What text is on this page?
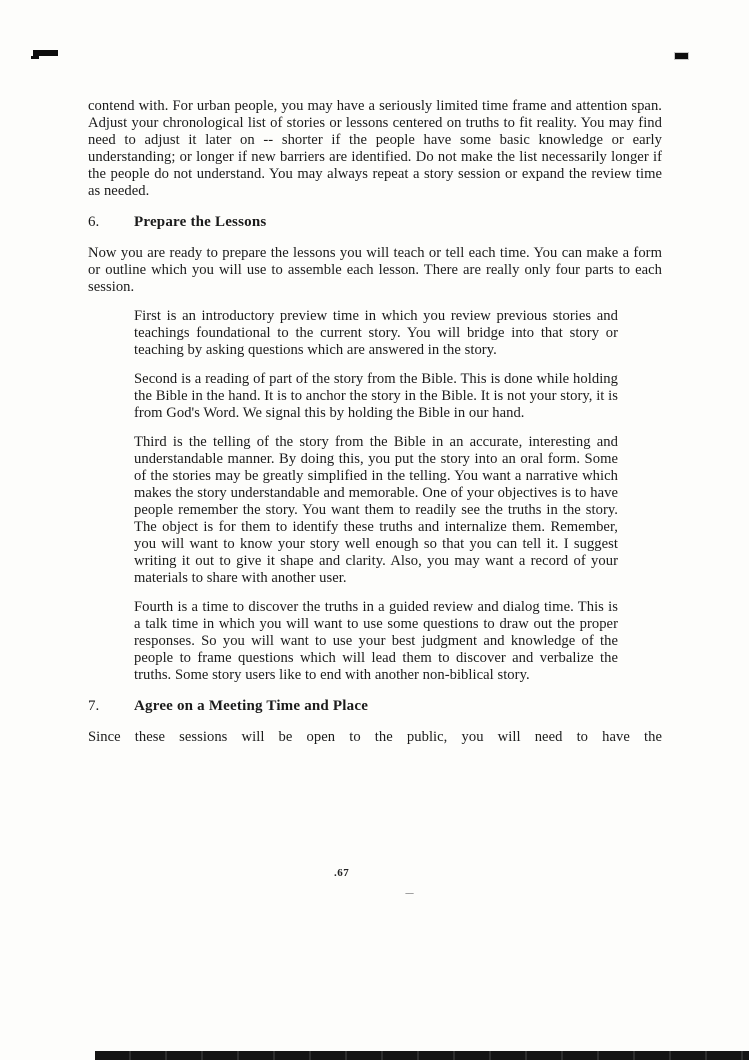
contend with. For urban people, you may have a seriously limited time frame and attention span. Adjust your chronological list of stories or lessons centered on truths to fit reality. You may find need to adjust it later on -- shorter if the people have some basic knowledge or early understanding; or longer if new barriers are identified. Do not make the list necessarily longer if the people do not understand. You may always repeat a story session or expand the review time as needed.

6.	Prepare the Lessons

Now you are ready to prepare the lessons you will teach or tell each time. You can make a form or outline which you will use to assemble each lesson. There are really only four parts to each session.

First is an introductory preview time in which you review previous stories and teachings foundational to the current story. You will bridge into that story or teaching by asking questions which are answered in the story.

Second is a reading of part of the story from the Bible. This is done while holding the Bible in the hand. It is to anchor the story in the Bible. It is not your story, it is from God's Word. We signal this by holding the Bible in our hand.

Third is the telling of the story from the Bible in an accurate, interesting and understandable manner. By doing this, you put the story into an oral form. Some of the stories may be greatly simplified in the telling. You want a narrative which makes the story understandable and memorable. One of your objectives is to have people remember the story. You want them to readily see the truths in the story. The object is for them to identify these truths and internalize them. Remember, you will want to know your story well enough so that you can tell it. I suggest writing it out to give it shape and clarity. Also, you may want a record of your materials to share with another user.

Fourth is a time to discover the truths in a guided review and dialog time. This is a talk time in which you will want to use some questions to draw out the proper responses. So you will want to use your best judgment and knowledge of the people to frame questions which will lead them to discover and verbalize the truths. Some story users like to end with another non-biblical story.

7.	Agree on a Meeting Time and Place

Since these sessions will be open to the public, you will need to have the

.67
---
